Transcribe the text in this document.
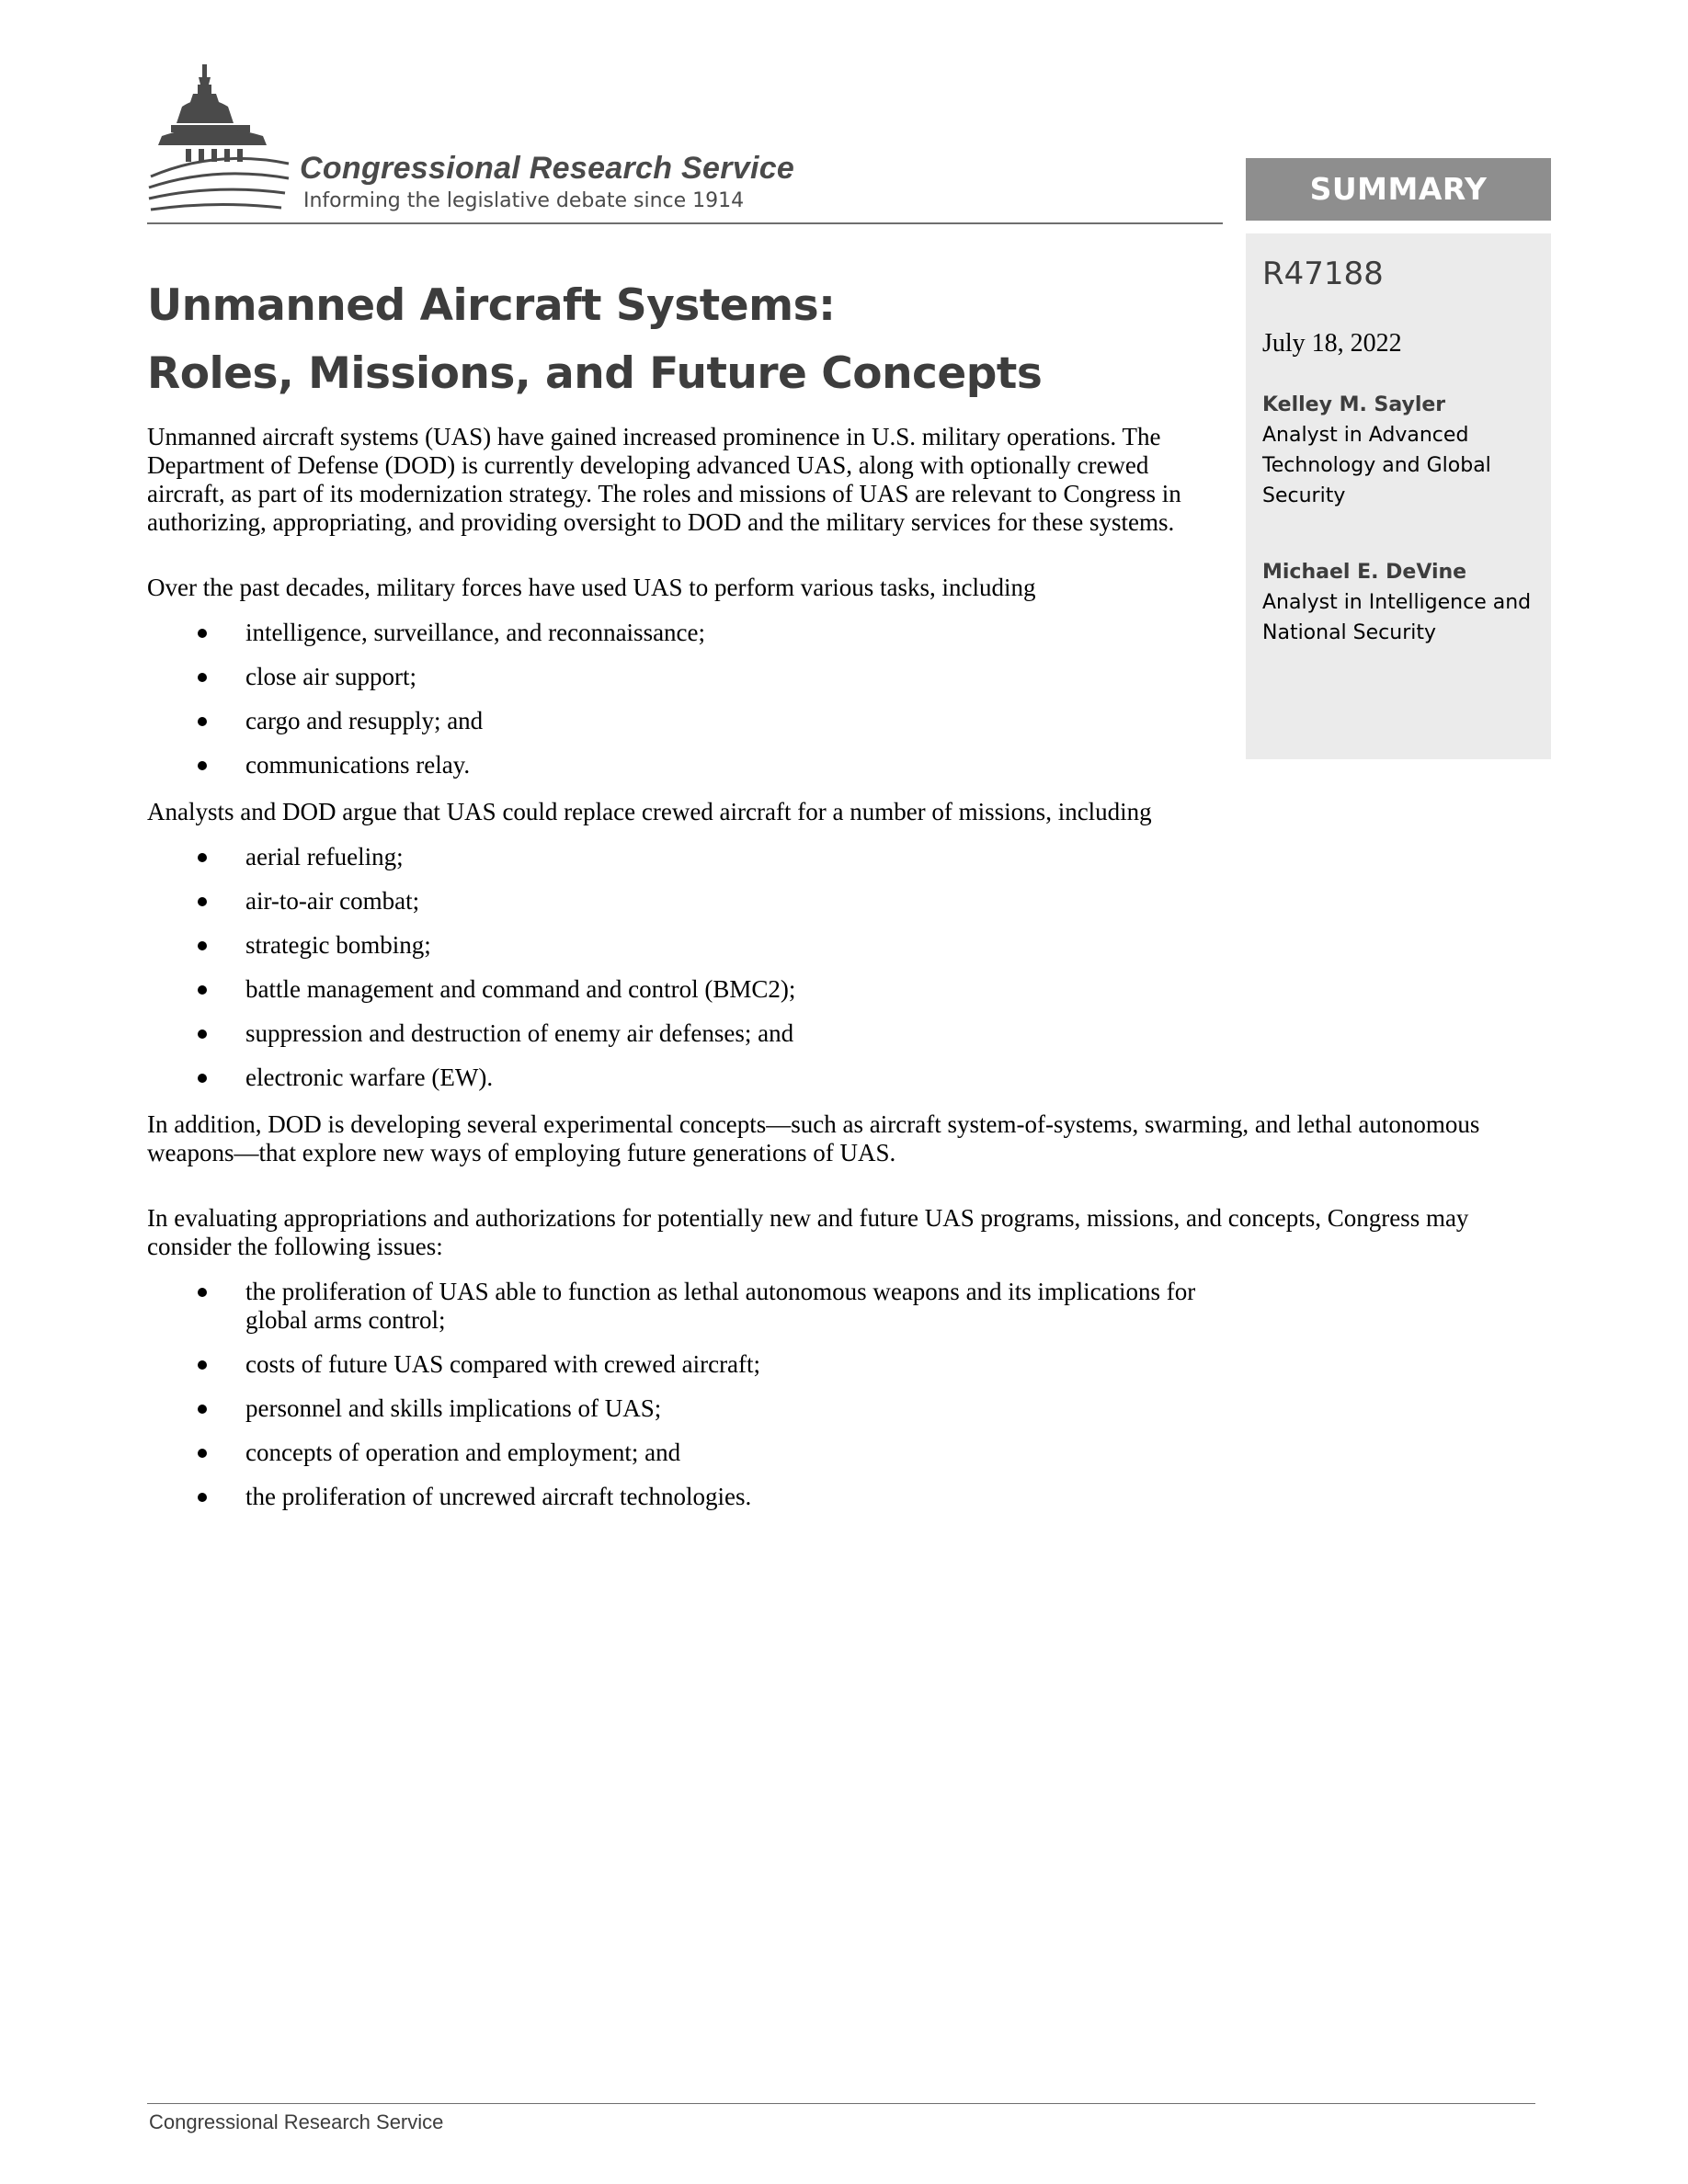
Congressional Research Service
Informing the legislative debate since 1914
Unmanned Aircraft Systems:
Roles, Missions, and Future Concepts

Unmanned aircraft systems (UAS) have gained increased prominence in U.S. military operations. The Department of Defense (DOD) is currently developing advanced UAS, along with optionally crewed aircraft, as part of its modernization strategy. The roles and missions of UAS are relevant to Congress in authorizing, appropriating, and providing oversight to DOD and the military services for these systems.

Over the past decades, military forces have used UAS to perform various tasks, including

intelligence, surveillance, and reconnaissance;
close air support;
cargo and resupply; and
communications relay.

Analysts and DOD argue that UAS could replace crewed aircraft for a number of missions, including

aerial refueling;
air-to-air combat;
strategic bombing;
battle management and command and control (BMC2);
suppression and destruction of enemy air defenses; and
electronic warfare (EW).

In addition, DOD is developing several experimental concepts—such as aircraft system-of-systems, swarming, and lethal autonomous weapons—that explore new ways of employing future generations of UAS.

In evaluating appropriations and authorizations for potentially new and future UAS programs, missions, and concepts, Congress may consider the following issues:

the proliferation of UAS able to function as lethal autonomous weapons and its implications for global arms control;
costs of future UAS compared with crewed aircraft;
personnel and skills implications of UAS;
concepts of operation and employment; and
the proliferation of uncrewed aircraft technologies.
SUMMARY
R47188
July 18, 2022
Kelley M. Sayler
Analyst in Advanced Technology and Global Security
Michael E. DeVine
Analyst in Intelligence and National Security
Congressional Research Service
